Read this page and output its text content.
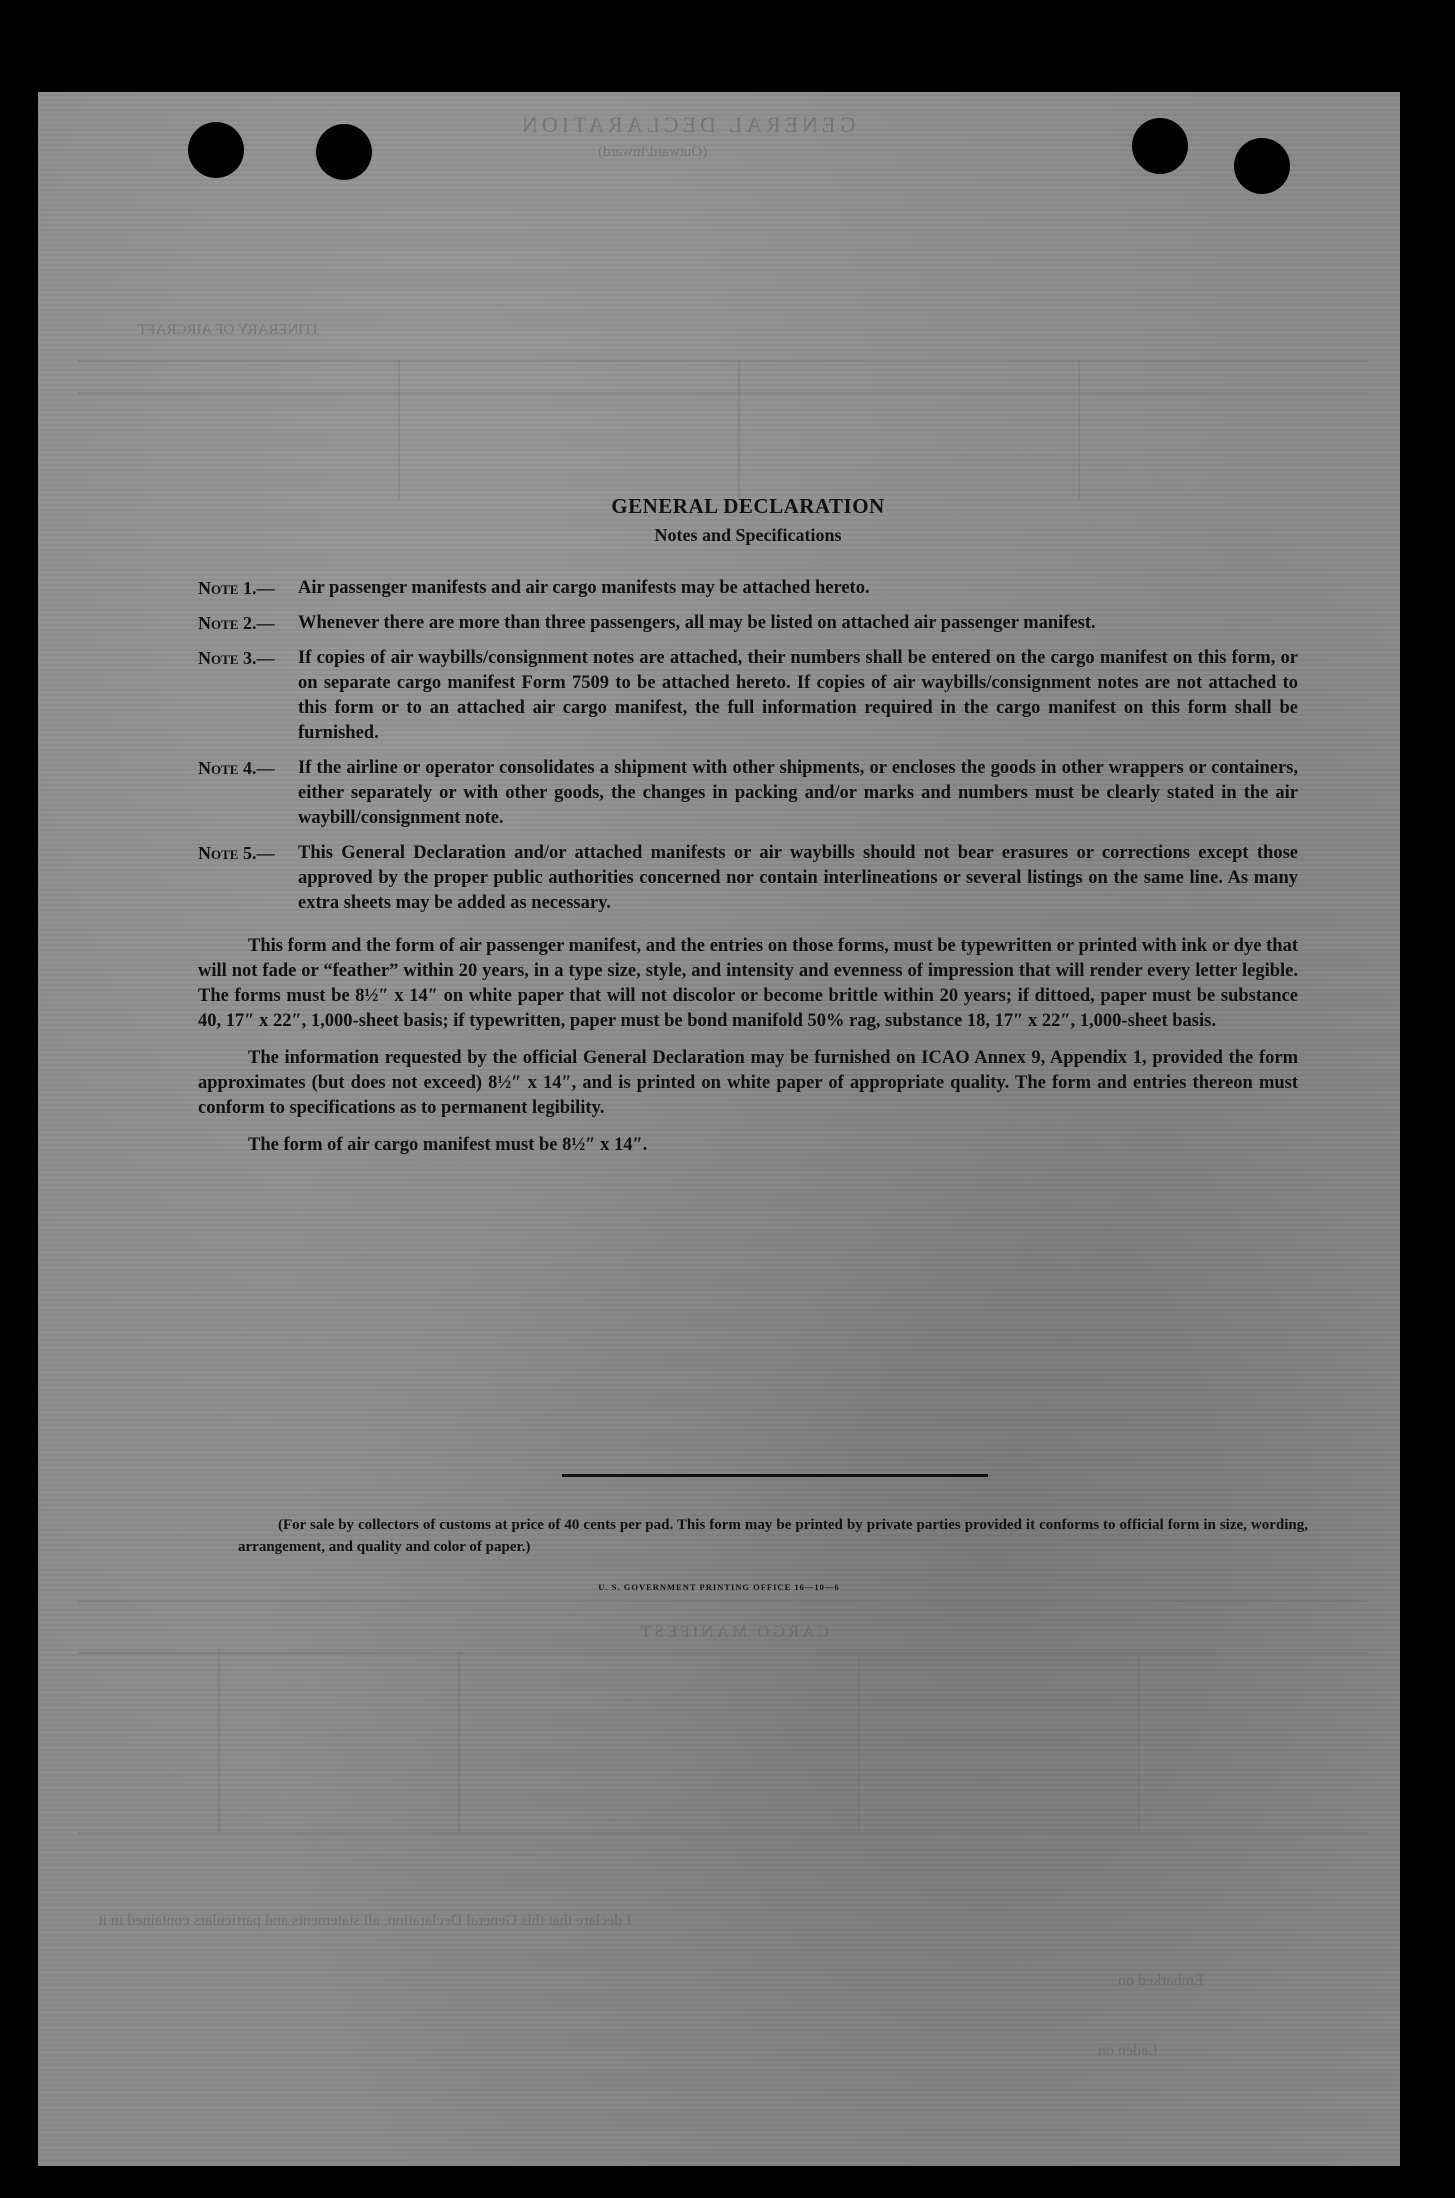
GENERAL DECLARATION
(Outward/Inward)
ITINERARY OF AIRCRAFT
CARGO MANIFEST
I declare that this General Declaration, all statements and particulars contained in it
Embarked on
Laden on
GENERAL DECLARATION
Notes and Specifications
Note 1.—	Air passenger manifests and air cargo manifests may be attached hereto.
Note 2.—	Whenever there are more than three passengers, all may be listed on attached air passenger manifest.
Note 3.—	If copies of air waybills/consignment notes are attached, their numbers shall be entered on the cargo manifest on this form, or on separate cargo manifest Form 7509 to be attached hereto. If copies of air waybills/consignment notes are not attached to this form or to an attached air cargo manifest, the full information required in the cargo manifest on this form shall be furnished.
Note 4.—	If the airline or operator consolidates a shipment with other shipments, or encloses the goods in other wrappers or containers, either separately or with other goods, the changes in packing and/or marks and numbers must be clearly stated in the air waybill/consignment note.
Note 5.—	This General Declaration and/or attached manifests or air waybills should not bear erasures or corrections except those approved by the proper public authorities concerned nor contain interlineations or several listings on the same line. As many extra sheets may be added as necessary.

This form and the form of air passenger manifest, and the entries on those forms, must be typewritten or printed with ink or dye that will not fade or “feather” within 20 years, in a type size, style, and intensity and evenness of impression that will render every letter legible. The forms must be 8½″ x 14″ on white paper that will not discolor or become brittle within 20 years; if dittoed, paper must be substance 40, 17″ x 22″, 1,000-sheet basis; if typewritten, paper must be bond manifold 50% rag, substance 18, 17″ x 22″, 1,000-sheet basis.

The information requested by the official General Declaration may be furnished on ICAO Annex 9, Appendix 1, provided the form approximates (but does not exceed) 8½″ x 14″, and is printed on white paper of appropriate quality. The form and entries thereon must conform to specifications as to permanent legibility.

The form of air cargo manifest must be 8½″ x 14″.

(For sale by collectors of customs at price of 40 cents per pad. This form may be printed by private parties provided it conforms to official form in size, wording, arrangement, and quality and color of paper.)
U. S. GOVERNMENT PRINTING OFFICE 16—10—6
